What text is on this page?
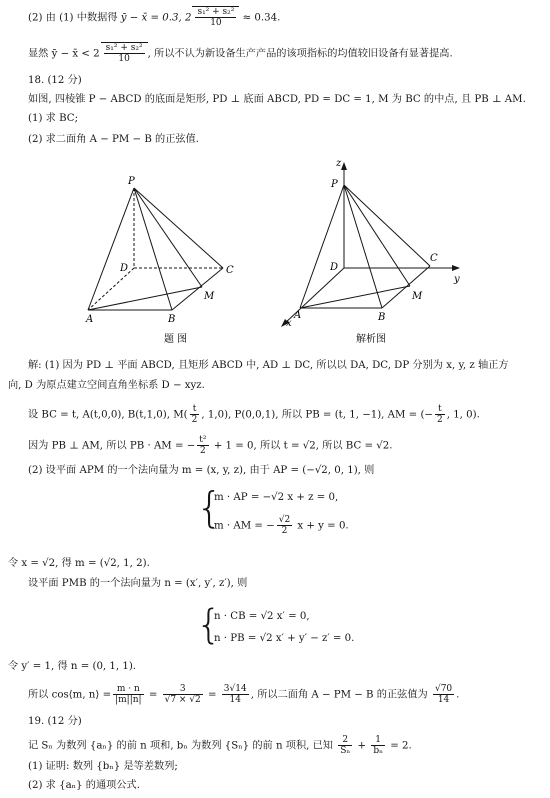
(2) 由 (1) 中数据得 ȳ − x̄ = 0.3, $2 \frac{\text{s₁² + s₂²}}{10} \approx 0.34$.
显然 ȳ − x̄ < $2 \frac{\text{s₁² + s₂²}}{10}$ , 所以不认为新设备生产产品的该项指标的均值较旧设备有显著提高.
18. (12 分)
如图, 四棱锥 P − ABCD 的底面是矩形, PD ⊥ 底面 ABCD, PD = DC = 1, M 为 BC 的中点, 且 PB ⊥ AM.
(1) 求 BC;
(2) 求二面角 A − PM − B 的正弦值.
P
D	C
M
A	B
题 图
z
P
D
C
y
M
A	B
x
解析图
解: (1) 因为 PD ⊥ 平面 ABCD, 且矩形 ABCD 中, AD ⊥ DC, 所以以 DA, DC, DP 分别为 x, y, z 轴正方
向, D 为原点建立空间直角坐标系 D − xyz.
设 BC = t, A(t,0,0), B(t,1,0), $M( \frac{t}{2}$ , 1,0), P(0,0,1), 所以 PB = (t, 1, −1), AM = (− $\frac{t}{2}$ , 1, 0).
因为 PB ⊥ AM, 所以 PB · AM = − $\frac{\text{t²}}{2} + 1 = 0$, 所以 t = √2, 所以 BC = √2.
(2) 设平面 APM 的一个法向量为 m = (x, y, z), 由于 AP = (−√2, 0, 1), 则
{
m · AP = −√2 x + z = 0,
m · AM = − $\frac{√2}{2}$ x + y = 0.
令 x = √2, 得 m = (√2, 1, 2).
设平面 PMB 的一个法向量为 n = (x′, y′, z′), 则
{
n · CB = √2 x′ = 0,
n · PB = √2 x′ + y′ − z′ = 0.
令 y′ = 1, 得 n = (0, 1, 1).
所以 cos⟨m, n⟩ = $\frac{m \cdot n}{|m||n|} = \frac{3}{√7 \times √2} = \frac{3√14}{14}$ , 所以二面角 A − PM − B 的正弦值为 $\frac{√70}{14}$ .
19. (12 分)
记 Sₙ 为数列 {aₙ} 的前 n 项和, bₙ 为数列 {Sₙ} 的前 n 项积, 已知 $\frac{2}{\text{Sₙ}} + \frac{1}{\text{bₙ}} = 2$.
(1) 证明: 数列 {bₙ} 是等差数列;
(2) 求 {aₙ} 的通项公式.
